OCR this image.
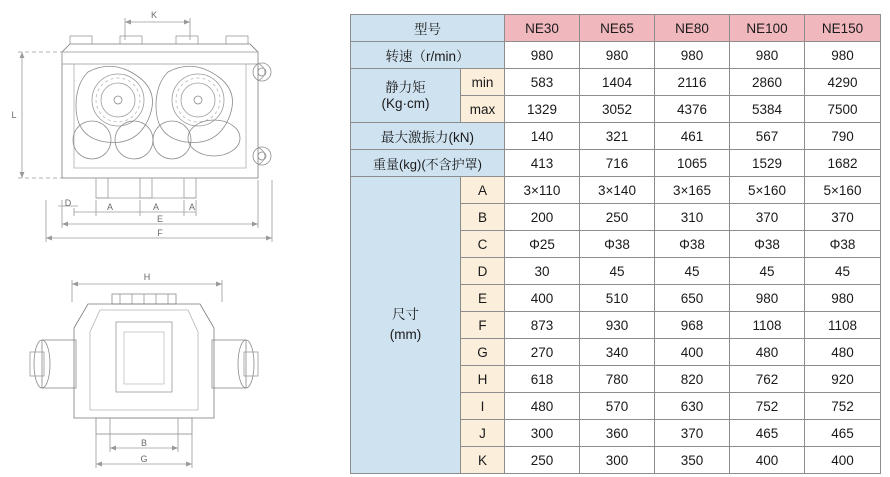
K
L
D	A	A	A
E
F
H
B
G
型号		NE30	NE65	NE80	NE100	NE150
转速（r/min）		980	980	980	980	980

静力矩
(Kg·cm)	min	583	1404	2116	2860	4290
	max	1329	3052	4376	5384	7500
最大激振力(kN)		140	321	461	567	790
重量(kg)(不含护罩)		413	716	1065	1529	1682

尺寸
(mm)	A	3×110	3×140	3×165	5×160	5×160
	B	200	250	310	370	370
	C	Φ25	Φ38	Φ38	Φ38	Φ38
	D	30	45	45	45	45
	E	400	510	650	980	980
	F	873	930	968	1108	1108
	G	270	340	400	480	480
	H	618	780	820	762	920
	I	480	570	630	752	752
	J	300	360	370	465	465
	K	250	300	350	400	400
